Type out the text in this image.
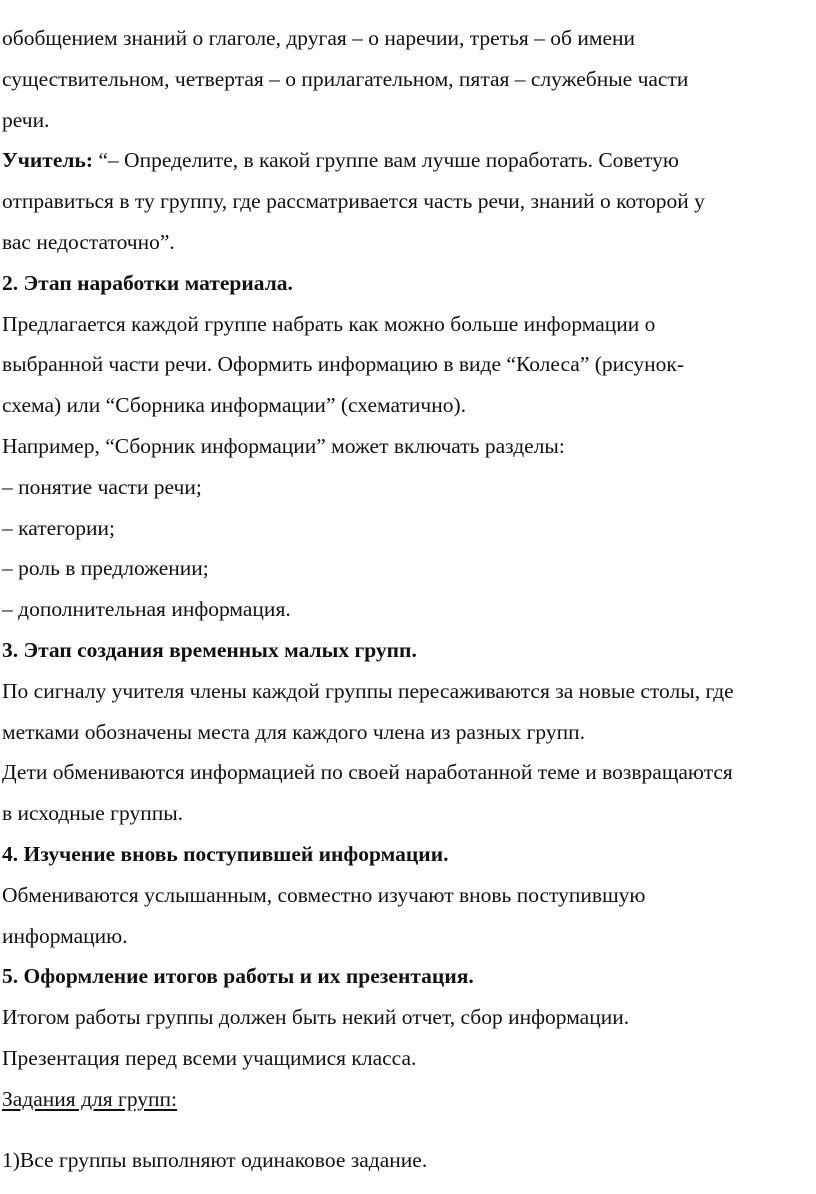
обобщением знаний о глаголе, другая – о наречии, третья – об имени
существительном, четвертая – о прилагательном, пятая – служебные части
речи.
Учитель: “– Определите, в какой группе вам лучше поработать. Советую
отправиться в ту группу, где рассматривается часть речи, знаний о которой у
вас недостаточно”.
2. Этап наработки материала.
Предлагается каждой группе набрать как можно больше информации о
выбранной части речи. Оформить информацию в виде “Колеса” (рисунок-
схема) или “Сборника информации” (схематично).
Например, “Сборник информации” может включать разделы:
– понятие части речи;
– категории;
– роль в предложении;
– дополнительная информация.
3. Этап создания временных малых групп.
По сигналу учителя члены каждой группы пересаживаются за новые столы, где
метками обозначены места для каждого члена из разных групп.
Дети обмениваются информацией по своей наработанной теме и возвращаются
в исходные группы.
4. Изучение вновь поступившей информации.
Обмениваются услышанным, совместно изучают вновь поступившую
информацию.
5. Оформление итогов работы и их презентация.
Итогом работы группы должен быть некий отчет, сбор информации.
Презентация перед всеми учащимися класса.
Задания для групп:
1)Все группы выполняют одинаковое задание.
